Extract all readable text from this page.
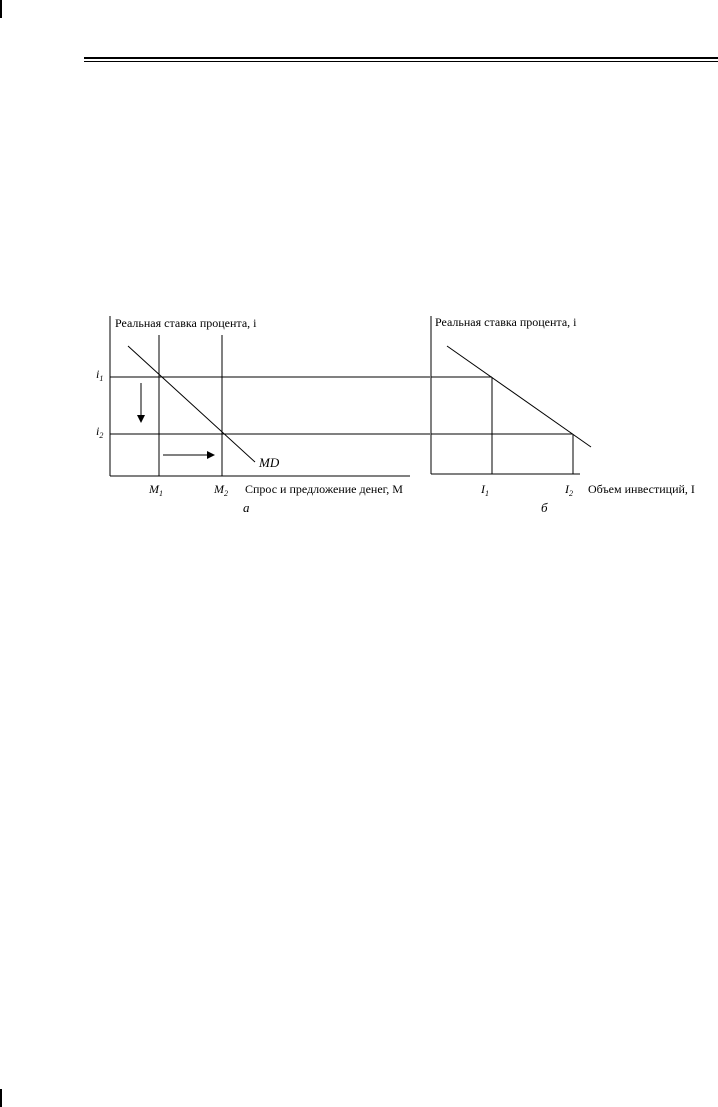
Реальная ставка процента, i
i1
i2
MD
М1	М2 Спрос и предложение денег, М
а
Реальная ставка процента, i
I1	I2 Объем инвестиций, I
б
